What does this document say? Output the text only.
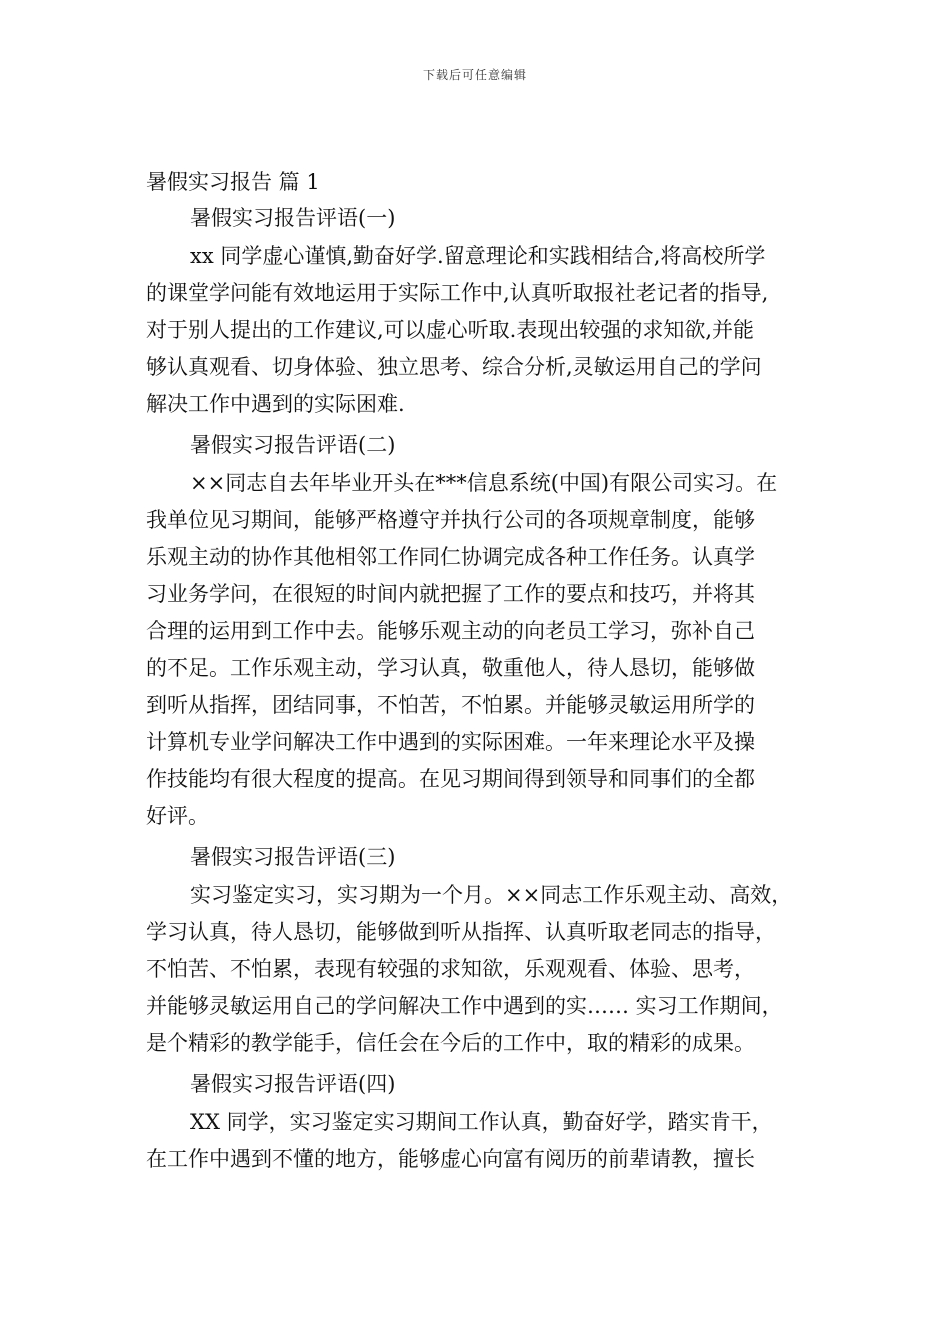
下载后可任意编辑
暑假实习报告 篇 1
暑假实习报告评语(一)
xx 同学虚心谨慎,勤奋好学.留意理论和实践相结合,将高校所学
的课堂学问能有效地运用于实际工作中,认真听取报社老记者的指导,
对于别人提出的工作建议,可以虚心听取.表现出较强的求知欲,并能
够认真观看、切身体验、独立思考、综合分析,灵敏运用自己的学问
解决工作中遇到的实际困难.
暑假实习报告评语(二)
××同志自去年毕业开头在***信息系统(中国)有限公司实习。在
我单位见习期间，能够严格遵守并执行公司的各项规章制度，能够
乐观主动的协作其他相邻工作同仁协调完成各种工作任务。认真学
习业务学问，在很短的时间内就把握了工作的要点和技巧，并将其
合理的运用到工作中去。能够乐观主动的向老员工学习，弥补自己
的不足。工作乐观主动，学习认真，敬重他人，待人恳切，能够做
到听从指挥，团结同事，不怕苦，不怕累。并能够灵敏运用所学的
计算机专业学问解决工作中遇到的实际困难。一年来理论水平及操
作技能均有很大程度的提高。在见习期间得到领导和同事们的全都
好评。
暑假实习报告评语(三)
实习鉴定实习，实习期为一个月。××同志工作乐观主动、高效，
学习认真，待人恳切，能够做到听从指挥、认真听取老同志的指导，
不怕苦、不怕累，表现有较强的求知欲，乐观观看、体验、思考，
并能够灵敏运用自己的学问解决工作中遇到的实…… 实习工作期间，
是个精彩的教学能手，信任会在今后的工作中，取的精彩的成果。
暑假实习报告评语(四)
XX 同学，实习鉴定实习期间工作认真，勤奋好学，踏实肯干，
在工作中遇到不懂的地方，能够虚心向富有阅历的前辈请教，擅长
